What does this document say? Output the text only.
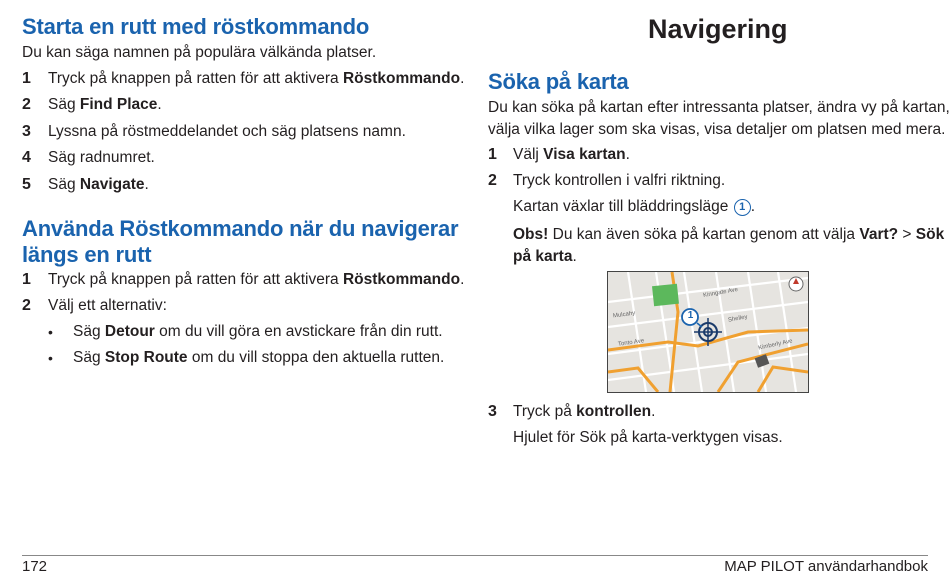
Starta en rutt med röstkommando
Du kan säga namnen på populära välkända platser.
1 Tryck på knappen på ratten för att aktivera Röstkommando.
2 Säg Find Place.
3 Lyssna på röstmeddelandet och säg platsens namn.
4 Säg radnumret.
5 Säg Navigate.
Använda Röstkommando när du navigerar
längs en rutt
1 Tryck på knappen på ratten för att aktivera Röstkommando.
2 Välj ett alternativ:
• Säg Detour om du vill göra en avstickare från din rutt.
• Säg Stop Route om du vill stoppa den aktuella rutten.
Navigering
Söka på karta
Du kan söka på kartan efter intressanta platser, ändra vy på kartan,
välja vilka lager som ska visas, visa detaljer om platsen med mera.
1 Välj Visa kartan.
2 Tryck kontrollen i valfri riktning.
Kartan växlar till bläddringsläge 1 .
Obs! Du kan även söka på kartan genom att välja Vart? > Sök
på karta.
1
Kinngate Ave
Mulcahy	Shelley
Kimberly Ave
Tonto Ave
3 Tryck på kontrollen.
Hjulet för Sök på karta-verktygen visas.
172	MAP PILOT användarhandbok
